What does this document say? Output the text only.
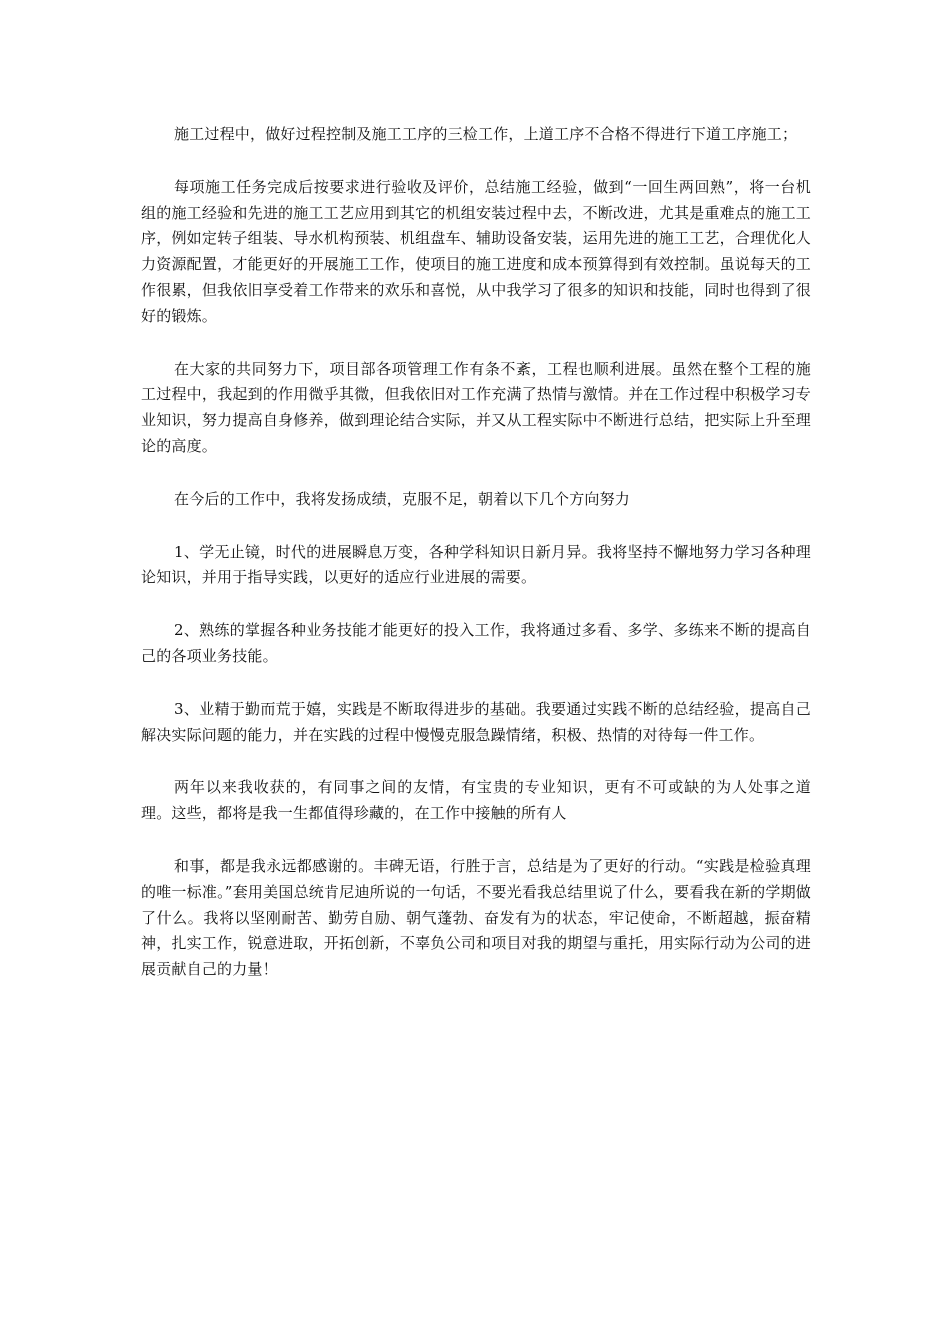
施工过程中，做好过程控制及施工工序的三检工作，上道工序不合格不得进行下道工序施工；

每项施工任务完成后按要求进行验收及评价，总结施工经验，做到“一回生两回熟”，将一台机组的施工经验和先进的施工工艺应用到其它的机组安装过程中去，不断改进，尤其是重难点的施工工序，例如定转子组装、导水机构预装、机组盘车、辅助设备安装，运用先进的施工工艺，合理优化人力资源配置，才能更好的开展施工工作，使项目的施工进度和成本预算得到有效控制。虽说每天的工作很累，但我依旧享受着工作带来的欢乐和喜悦，从中我学习了很多的知识和技能，同时也得到了很好的锻炼。

在大家的共同努力下，项目部各项管理工作有条不紊，工程也顺利进展。虽然在整个工程的施工过程中，我起到的作用微乎其微，但我依旧对工作充满了热情与激情。并在工作过程中积极学习专业知识，努力提高自身修养，做到理论结合实际，并又从工程实际中不断进行总结，把实际上升至理论的高度。

在今后的工作中，我将发扬成绩，克服不足，朝着以下几个方向努力

1、学无止镜，时代的进展瞬息万变，各种学科知识日新月异。我将坚持不懈地努力学习各种理论知识，并用于指导实践，以更好的适应行业进展的需要。

2、熟练的掌握各种业务技能才能更好的投入工作，我将通过多看、多学、多练来不断的提高自己的各项业务技能。

3、业精于勤而荒于嬉，实践是不断取得进步的基础。我要通过实践不断的总结经验，提高自己解决实际问题的能力，并在实践的过程中慢慢克服急躁情绪，积极、热情的对待每一件工作。

两年以来我收获的，有同事之间的友情，有宝贵的专业知识，更有不可或缺的为人处事之道理。这些，都将是我一生都值得珍藏的，在工作中接触的所有人

和事，都是我永远都感谢的。丰碑无语，行胜于言，总结是为了更好的行动。“实践是检验真理的唯一标准。”套用美国总统肯尼迪所说的一句话，不要光看我总结里说了什么，要看我在新的学期做了什么。我将以坚刚耐苦、勤劳自励、朝气蓬勃、奋发有为的状态，牢记使命，不断超越，振奋精神，扎实工作，锐意进取，开拓创新，不辜负公司和项目对我的期望与重托，用实际行动为公司的进展贡献自己的力量！
